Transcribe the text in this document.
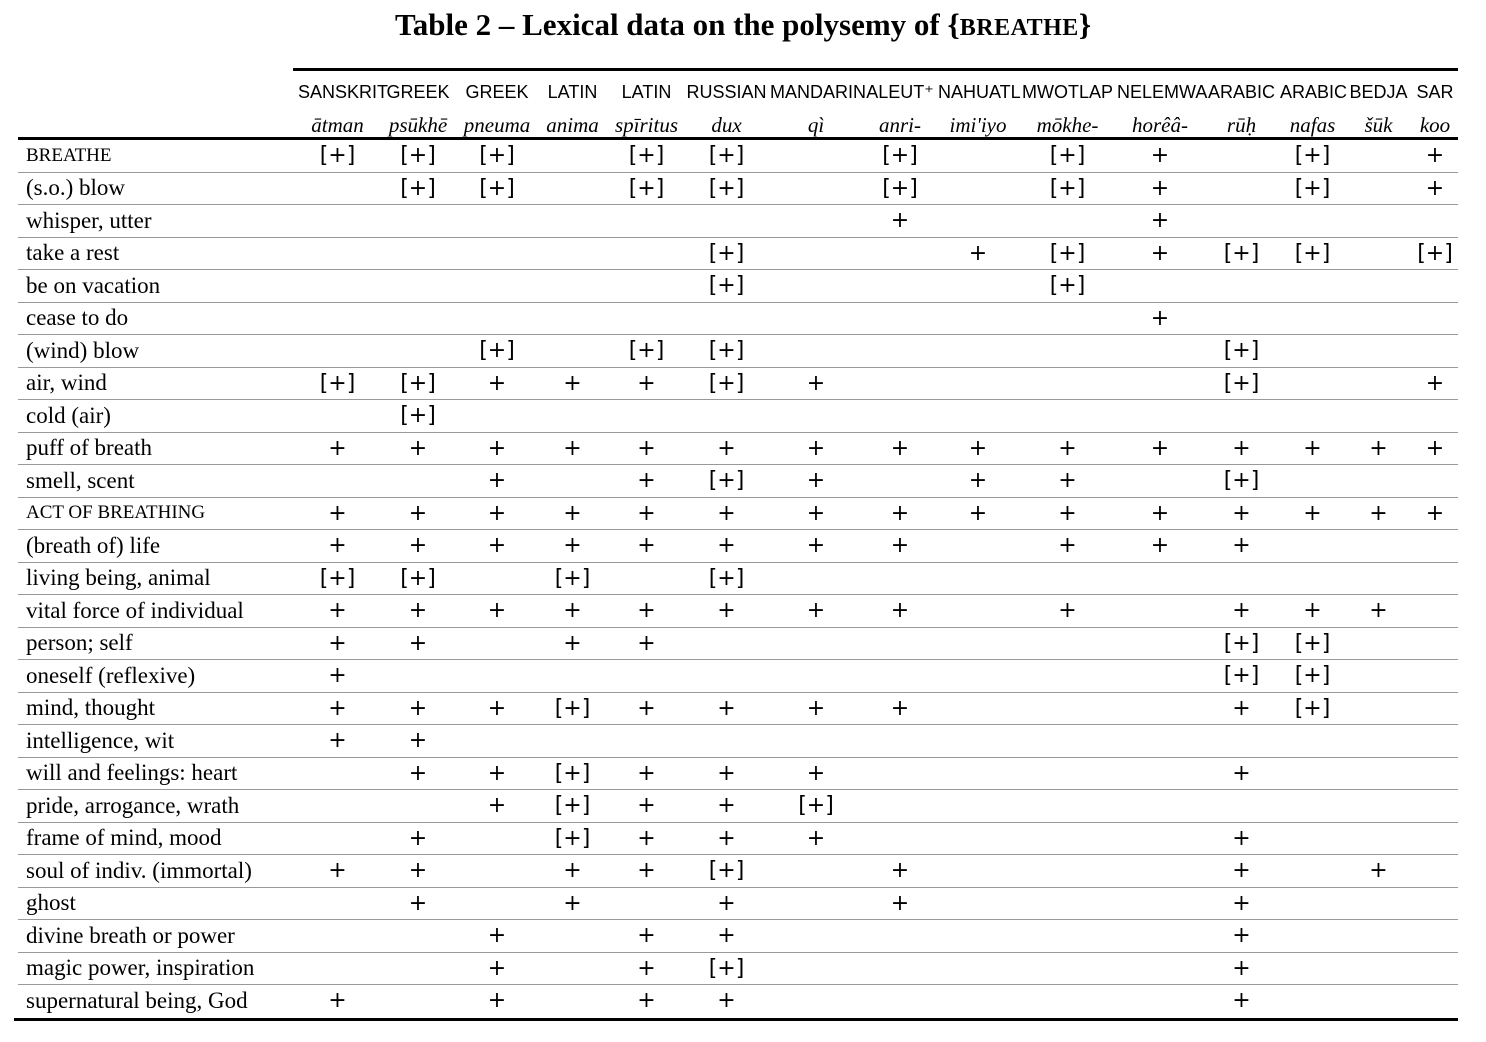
Table 2 – Lexical data on the polysemy of {BREATHE}
	SANSKRIT	GREEK	GREEK	LATIN	LATIN	RUSSIAN	MANDARIN	ALEUT⁺	NAHUATL	MWOTLAP	NELEMWA	ARABIC	ARABIC	BEDJA	SAR
	ātman	psūkhē	pneuma	anima	spīritus	dux	qì	anri-	imi'iyo	mōkhe-	horêâ-	rūḥ	nafas	šūk	koo
BREATHE	[+]	[+]	[+]		[+]	[+]		[+]		[+]	+		[+]		+
(s.o.) blow		[+]	[+]		[+]	[+]		[+]		[+]	+		[+]		+
whisper, utter								+			+				
take a rest						[+]			+	[+]	+	[+]	[+]		[+]
be on vacation						[+]				[+]					
cease to do											+				
(wind) blow			[+]		[+]	[+]						[+]			
air, wind	[+]	[+]	+	+	+	[+]	+					[+]			+
cold (air)		[+]													
puff of breath	+	+	+	+	+	+	+	+	+	+	+	+	+	+	+
smell, scent			+		+	[+]	+		+	+		[+]			
ACT OF BREATHING	+	+	+	+	+	+	+	+	+	+	+	+	+	+	+
(breath of) life	+	+	+	+	+	+	+	+		+	+	+			
living being, animal	[+]	[+]		[+]		[+]									
vital force of individual	+	+	+	+	+	+	+	+		+		+	+	+	
person; self	+	+		+	+							[+]	[+]		
oneself (reflexive)	+											[+]	[+]		
mind, thought	+	+	+	[+]	+	+	+	+				+	[+]		
intelligence, wit	+	+													
will and feelings: heart		+	+	[+]	+	+	+					+			
pride, arrogance, wrath			+	[+]	+	+	[+]								
frame of mind, mood		+		[+]	+	+	+					+			
soul of indiv. (immortal)	+	+		+	+	[+]		+				+		+	
ghost		+		+		+		+				+			
divine breath or power			+		+	+						+			
magic power, inspiration			+		+	[+]						+			
supernatural being, God	+		+		+	+						+			
